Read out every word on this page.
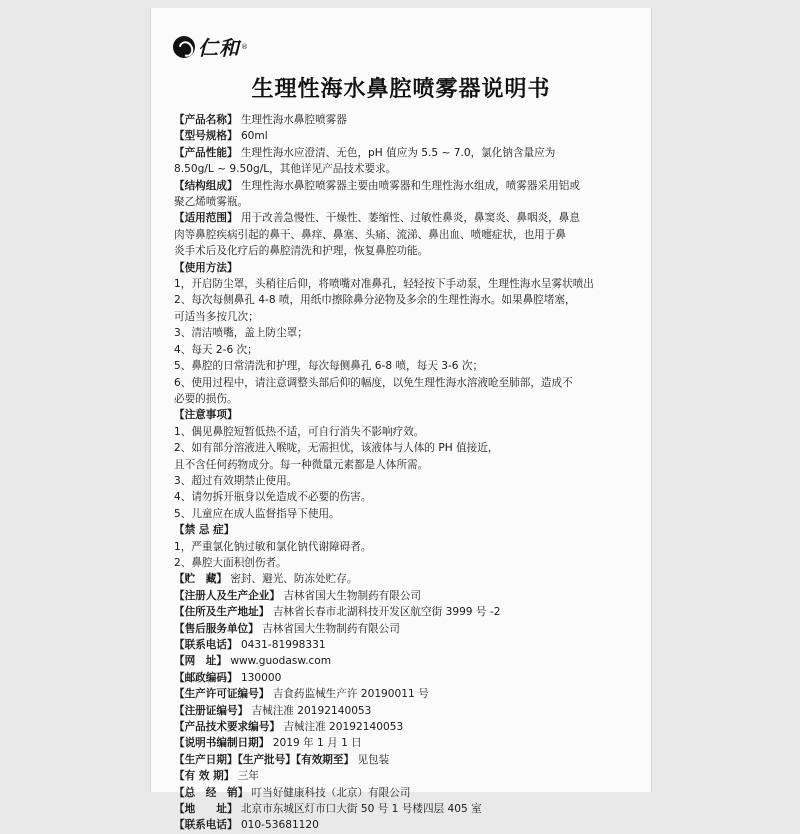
仁和 ®
生理性海水鼻腔喷雾器说明书

【 产品名称 】 生理性海水鼻腔喷雾器

【 型号规格 】 60ml

【 产品性能 】 生理性海水应澄清、无色，pH 值应为 5.5 ~ 7.0，氯化钠含量应为

8.50g/L ~ 9.50g/L，其他详见产品技术要求。

【 结构组成 】 生理性海水鼻腔喷雾器主要由喷雾器和生理性海水组成，喷雾器采用铝或

聚乙烯喷雾瓶。

【 适用范围 】 用于改善急慢性、干燥性、萎缩性、过敏性鼻炎，鼻窦炎、鼻咽炎，鼻息

肉等鼻腔疾病引起的鼻干、鼻痒、鼻塞、头痛、流涕、鼻出血、喷嚏症状，也用于鼻

炎手术后及化疗后的鼻腔清洗和护理，恢复鼻腔功能。

【 使用方法 】

1，开启防尘罩，头稍往后仰，将喷嘴对准鼻孔，轻轻按下手动泵，生理性海水呈雾状喷出

2、每次每侧鼻孔 4-8 喷，用纸巾擦除鼻分泌物及多余的生理性海水。如果鼻腔堵塞，

可适当多按几次；

3、清洁喷嘴，盖上防尘罩；

4、每天 2-6 次；

5、鼻腔的日常清洗和护理，每次每侧鼻孔 6-8 喷，每天 3-6 次；

6、使用过程中，请注意调整头部后仰的幅度，以免生理性海水溶液呛至肺部，造成不

必要的损伤。

【 注意事项 】

1、偶见鼻腔短暂低热不适，可自行消失不影响疗效。

2、如有部分溶液进入喉咙，无需担忧，该液体与人体的 PH 值接近，

且不含任何药物成分。每一种微量元素都是人体所需。

3、超过有效期禁止使用。

4、请勿拆开瓶身以免造成不必要的伤害。

5、儿童应在成人监督指导下使用。

【 禁 忌 症 】

1，严重氯化钠过敏和氯化钠代谢障碍者。

2、鼻腔大面积创伤者。

【 贮　藏 】 密封、避光、防冻处贮存。

【 注册人及生产企业 】 吉林省国大生物制药有限公司

【 住所及生产地址 】 吉林省长春市北湖科技开发区航空街 3999 号 -2

【 售后服务单位 】 吉林省国大生物制药有限公司

【 联系电话 】 0431-81998331

【 网　址 】 www.guodasw.com

【 邮政编码 】 130000

【 生产许可证编号 】 吉食药监械生产许 20190011 号

【 注册证编号 】 吉械注准 20192140053

【 产品技术要求编号 】 吉械注准 20192140053

【 说明书编制日期 】 2019 年 1 月 1 日

【 生产日期 】 【 生产批号 】 【 有效期至 】 见包装

【 有 效 期 】 三年

【 总　经　销 】 叮当好健康科技（北京）有限公司

【 地　　址 】 北京市东城区灯市口大街 50 号 1 号楼四层 405 室

【 联系电话 】 010-53681120
